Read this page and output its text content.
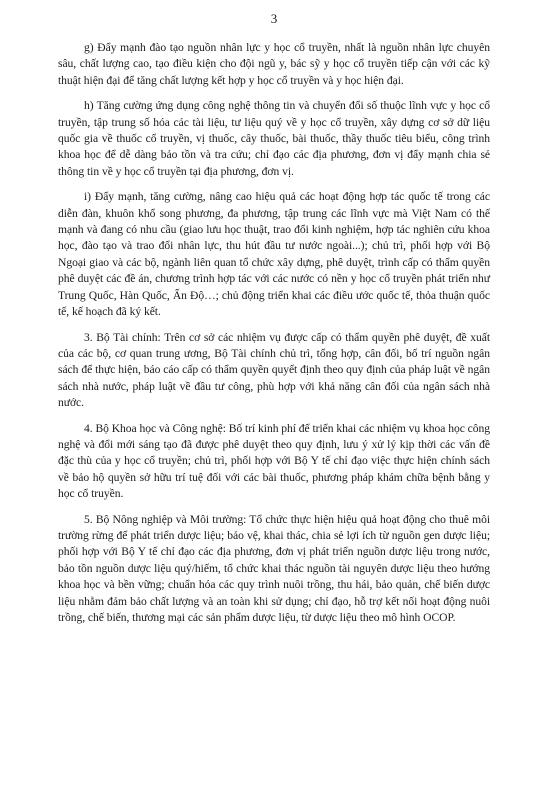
3

g) Đẩy mạnh đào tạo nguồn nhân lực y học cổ truyền, nhất là nguồn nhân lực chuyên sâu, chất lượng cao, tạo điều kiện cho đội ngũ y, bác sỹ y học cổ truyền tiếp cận với các kỹ thuật hiện đại để tăng chất lượng kết hợp y học cổ truyền và y học hiện đại.

h) Tăng cường ứng dụng công nghệ thông tin và chuyển đổi số thuộc lĩnh vực y học cổ truyền, tập trung số hóa các tài liệu, tư liệu quý về y học cổ truyền, xây dựng cơ sở dữ liệu quốc gia về thuốc cổ truyền, vị thuốc, cây thuốc, bài thuốc, thầy thuốc tiêu biểu, công trình khoa học để dễ dàng bảo tồn và tra cứu; chỉ đạo các địa phương, đơn vị đẩy mạnh chia sẻ thông tin về y học cổ truyền tại địa phương, đơn vị.

i) Đẩy mạnh, tăng cường, nâng cao hiệu quả các hoạt động hợp tác quốc tế trong các diễn đàn, khuôn khổ song phương, đa phương, tập trung các lĩnh vực mà Việt Nam có thế mạnh và đang có nhu cầu (giao lưu học thuật, trao đổi kinh nghiệm, hợp tác nghiên cứu khoa học, đào tạo và trao đổi nhân lực, thu hút đầu tư nước ngoài...); chủ trì, phối hợp với Bộ Ngoại giao và các bộ, ngành liên quan tổ chức xây dựng, phê duyệt, trình cấp có thẩm quyền phê duyệt các đề án, chương trình hợp tác với các nước có nền y học cổ truyền phát triển như Trung Quốc, Hàn Quốc, Ấn Độ…; chủ động triển khai các điều ước quốc tế, thỏa thuận quốc tế, kế hoạch đã ký kết.

3. Bộ Tài chính: Trên cơ sở các nhiệm vụ được cấp có thẩm quyền phê duyệt, đề xuất của các bộ, cơ quan trung ương, Bộ Tài chính chủ trì, tổng hợp, cân đối, bố trí nguồn ngân sách để thực hiện, báo cáo cấp có thẩm quyền quyết định theo quy định của pháp luật về ngân sách nhà nước, pháp luật về đầu tư công, phù hợp với khả năng cân đối của ngân sách nhà nước.

4. Bộ Khoa học và Công nghệ: Bố trí kinh phí để triển khai các nhiệm vụ khoa học công nghệ và đổi mới sáng tạo đã được phê duyệt theo quy định, lưu ý xử lý kịp thời các vấn đề đặc thù của y học cổ truyền; chủ trì, phối hợp với Bộ Y tế chỉ đạo việc thực hiện chính sách về bảo hộ quyền sở hữu trí tuệ đối với các bài thuốc, phương pháp khám chữa bệnh bằng y học cổ truyền.

5. Bộ Nông nghiệp và Môi trường: Tổ chức thực hiện hiệu quả hoạt động cho thuê môi trường rừng để phát triển dược liệu; bảo vệ, khai thác, chia sẻ lợi ích từ nguồn gen dược liệu; phối hợp với Bộ Y tế chỉ đạo các địa phương, đơn vị phát triển nguồn dược liệu trong nước, bảo tồn nguồn dược liệu quý/hiếm, tổ chức khai thác nguồn tài nguyên dược liệu theo hướng khoa học và bền vững; chuẩn hóa các quy trình nuôi trồng, thu hái, bảo quản, chế biến dược liệu nhằm đảm bảo chất lượng và an toàn khi sử dụng; chỉ đạo, hỗ trợ kết nối hoạt động nuôi trồng, chế biến, thương mại các sản phẩm dược liệu, từ dược liệu theo mô hình OCOP.
